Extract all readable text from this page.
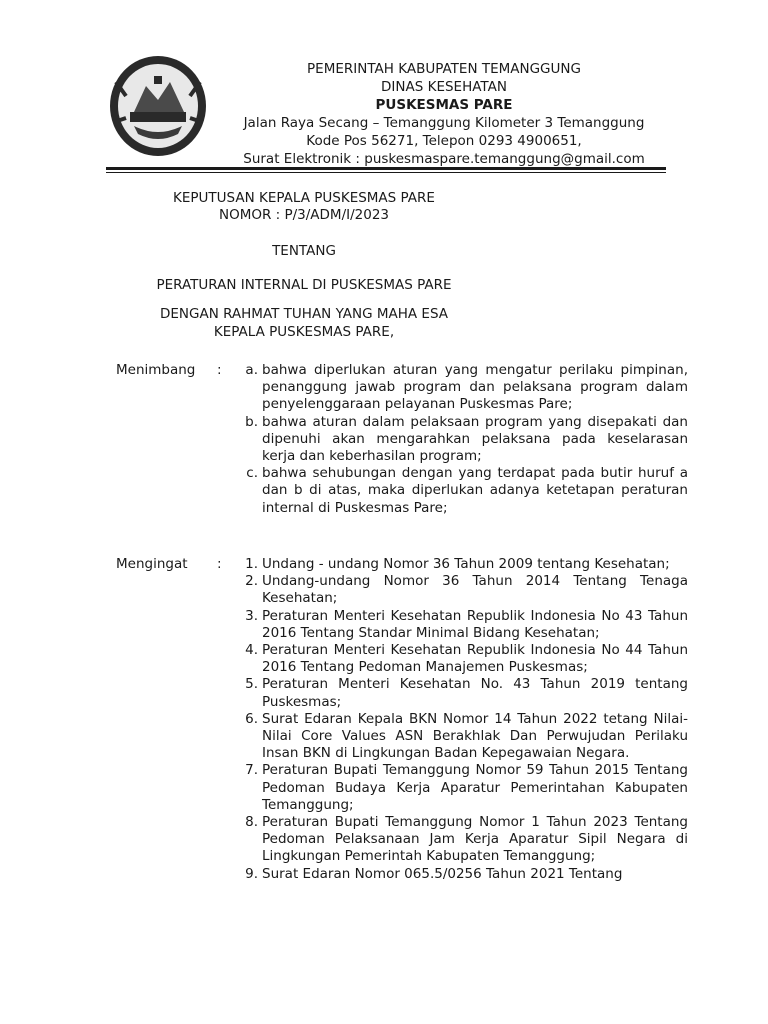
PEMERINTAH KABUPATEN TEMANGGUNG
DINAS KESEHATAN
PUSKESMAS PARE
Jalan Raya Secang – Temanggung Kilometer 3 Temanggung
Kode Pos 56271, Telepon 0293 4900651,
Surat Elektronik : puskesmaspare.temanggung@gmail.com
KEPUTUSAN KEPALA PUSKESMAS PARE
NOMOR : P/3/ADM/I/2023
TENTANG
PERATURAN INTERNAL DI PUSKESMAS PARE
DENGAN RAHMAT TUHAN YANG MAHA ESA
KEPALA PUSKESMAS PARE,
Menimbang :	a. bahwa diperlukan aturan yang mengatur perilaku pimpinan, penanggung jawab program dan pelaksana program dalam penyelenggaraan pelayanan Puskesmas Pare;
b. bahwa aturan dalam pelaksaan program yang disepakati dan dipenuhi akan mengarahkan pelaksana pada keselarasan kerja dan keberhasilan program;
c. bahwa sehubungan dengan yang terdapat pada butir huruf a dan b di atas, maka diperlukan adanya ketetapan peraturan internal di Puskesmas Pare;
Mengingat :	1. Undang - undang Nomor 36 Tahun 2009 tentang Kesehatan;
2. Undang-undang Nomor 36 Tahun 2014 Tentang Tenaga Kesehatan;
3. Peraturan Menteri Kesehatan Republik Indonesia No 43 Tahun 2016 Tentang Standar Minimal Bidang Kesehatan;
4. Peraturan Menteri Kesehatan Republik Indonesia No 44 Tahun 2016 Tentang Pedoman Manajemen Puskesmas;
5. Peraturan Menteri Kesehatan No. 43 Tahun 2019 tentang Puskesmas;
6. Surat Edaran Kepala BKN Nomor 14 Tahun 2022 tetang Nilai-Nilai Core Values ASN Berakhlak Dan Perwujudan Perilaku Insan BKN di Lingkungan Badan Kepegawaian Negara.
7. Peraturan Bupati Temanggung Nomor 59 Tahun 2015 Tentang Pedoman Budaya Kerja Aparatur Pemerintahan Kabupaten Temanggung;
8. Peraturan Bupati Temanggung Nomor 1 Tahun 2023 Tentang Pedoman Pelaksanaan Jam Kerja Aparatur Sipil Negara di Lingkungan Pemerintah Kabupaten Temanggung;
9. Surat Edaran Nomor 065.5/0256 Tahun 2021 Tentang
